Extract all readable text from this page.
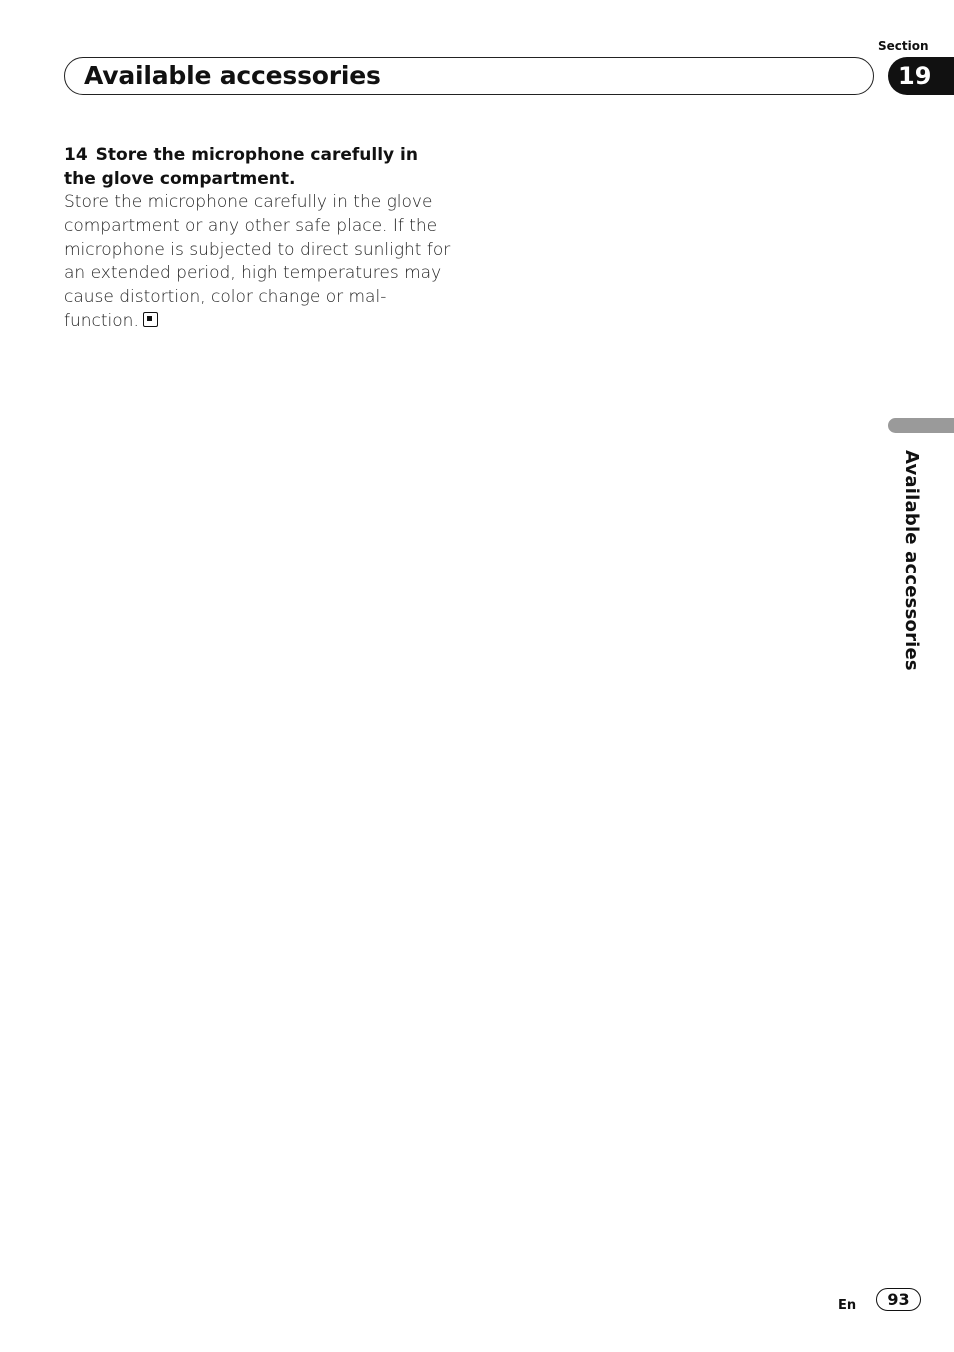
Available accessories
Section
19
14 Store the microphone carefully in the glove compartment.
Store the microphone carefully in the glove
compartment or any other safe place. If the
microphone is subjected to direct sunlight for
an extended period, high temperatures may
cause distortion, color change or mal-
function.
Available accessories
En	93
